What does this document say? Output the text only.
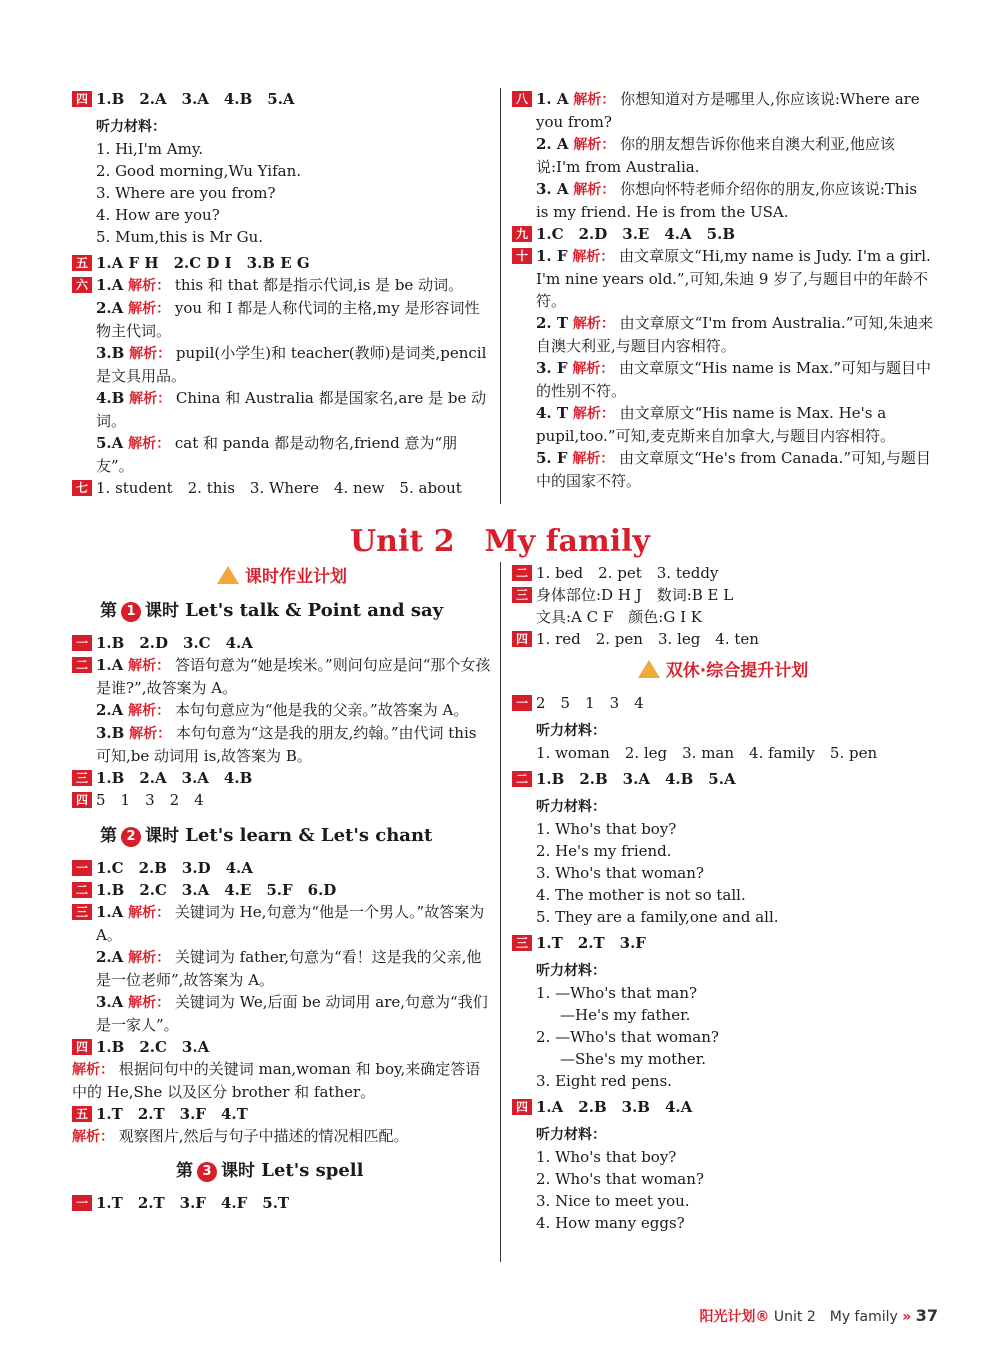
四 1.B　2.A　3.A　4.B　5.A
听力材料：
1. Hi,I'm Amy.
2. Good morning,Wu Yifan.
3. Where are you from?
4. How are you?
5. Mum,this is Mr Gu.
五 1.A F H　2.C D I　3.B E G
六 1.A 解析： this 和 that 都是指示代词,is 是 be 动词。
2.A 解析： you 和 I 都是人称代词的主格,my 是形容词性物主代词。
3.B 解析： pupil(小学生)和 teacher(教师)是词类,pencil 是文具用品。
4.B 解析： China 和 Australia 都是国家名,are 是 be 动词。
5.A 解析： cat 和 panda 都是动物名,friend 意为“朋友”。
七 1. student　2. this　3. Where　4. new　5. about
八 1. A 解析： 你想知道对方是哪里人,你应该说:Where are you from?
2. A 解析： 你的朋友想告诉你他来自澳大利亚,他应该说:I'm from Australia.
3. A 解析： 你想向怀特老师介绍你的朋友,你应该说:This is my friend. He is from the USA.
九 1.C　2.D　3.E　4.A　5.B
十 1. F 解析： 由文章原文“Hi,my name is Judy. I'm a girl. I'm nine years old.”,可知,朱迪 9 岁了,与题目中的年龄不符。
2. T 解析： 由文章原文“I'm from Australia.”可知,朱迪来自澳大利亚,与题目内容相符。
3. F 解析： 由文章原文“His name is Max.”可知与题目中的性别不符。
4. T 解析： 由文章原文“His name is Max. He's a pupil,too.”可知,麦克斯来自加拿大,与题目内容相符。
5. F 解析： 由文章原文“He's from Canada.”可知,与题目中的国家不符。
Unit 2　My family
课时作业计划
第 1 课时 Let's talk & Point and say
一 1.B　2.D　3.C　4.A
二 1.A 解析： 答语句意为“她是埃米。”则问句应是问“那个女孩是谁?”,故答案为 A。
2.A 解析： 本句句意应为“他是我的父亲。”故答案为 A。
3.B 解析： 本句句意为“这是我的朋友,约翰。”由代词 this 可知,be 动词用 is,故答案为 B。
三 1.B　2.A　3.A　4.B
四 5　1　3　2　4
第 2 课时 Let's learn & Let's chant
一 1.C　2.B　3.D　4.A
二 1.B　2.C　3.A　4.E　5.F　6.D
三 1.A 解析： 关键词为 He,句意为“他是一个男人。”故答案为 A。
2.A 解析： 关键词为 father,句意为“看！这是我的父亲,他是一位老师”,故答案为 A。
3.A 解析： 关键词为 We,后面 be 动词用 are,句意为“我们是一家人”。
四 1.B　2.C　3.A
解析： 根据问句中的关键词 man,woman 和 boy,来确定答语中的 He,She 以及区分 brother 和 father。
五 1.T　2.T　3.F　4.T
解析： 观察图片,然后与句子中描述的情况相匹配。
第 3 课时 Let's spell
一 1.T　2.T　3.F　4.F　5.T
二 1. bed　2. pet　3. teddy
三 身体部位:D H J　数词:B E L
文具:A C F　颜色:G I K
四 1. red　2. pen　3. leg　4. ten
双休·综合提升计划
一 2　5　1　3　4
听力材料：
1. woman　2. leg　3. man　4. family　5. pen
二 1.B　2.B　3.A　4.B　5.A
听力材料：
1. Who's that boy?
2. He's my friend.
3. Who's that woman?
4. The mother is not so tall.
5. They are a family,one and all.
三 1.T　2.T　3.F
听力材料：
1. —Who's that man?
—He's my father.
2. —Who's that woman?
—She's my mother.
3. Eight red pens.
四 1.A　2.B　3.B　4.A
听力材料：
1. Who's that boy?
2. Who's that woman?
3. Nice to meet you.
4. How many eggs?
阳光计划® Unit 2　My family » 37
